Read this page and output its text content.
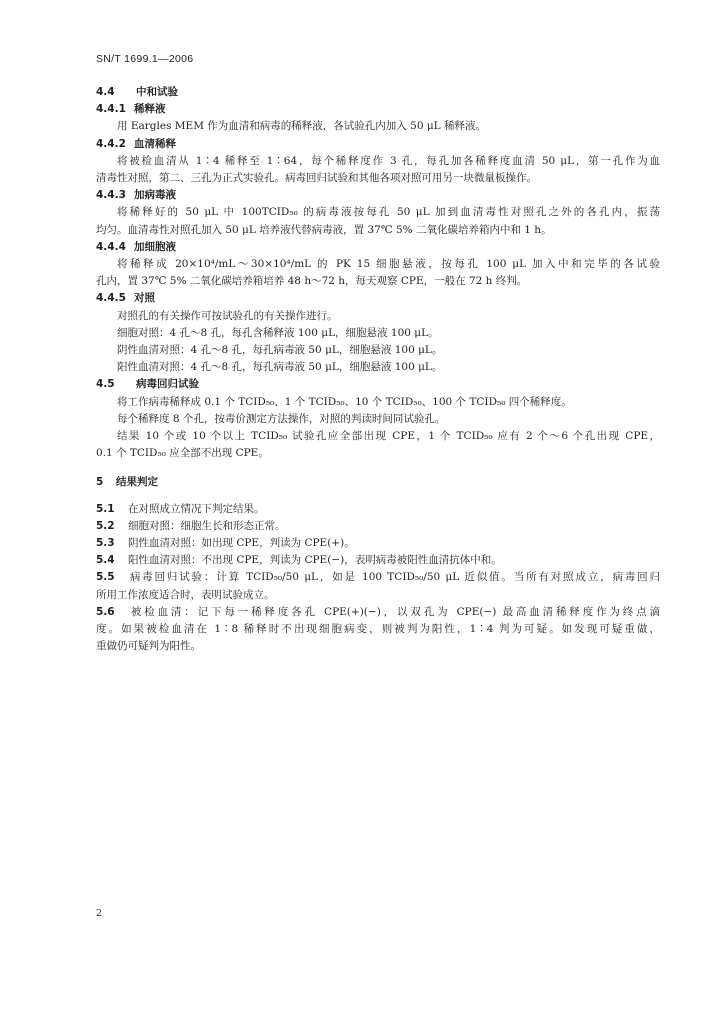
SN/T 1699.1—2006
4.4 中和试验
4.4.1 稀释液
用 Eargles MEM 作为血清和病毒的稀释液，各试验孔内加入 50 μL 稀释液。
4.4.2 血清稀释
将被检血清从 1∶4 稀释至 1∶64，每个稀释度作 3 孔，每孔加各稀释度血清 50 μL，第一孔作为血
清毒性对照，第二、三孔为正式实验孔。病毒回归试验和其他各项对照可用另一块微量板操作。
4.4.3 加病毒液
将稀释好的 50 μL 中 100TCID₅₀ 的病毒液按每孔 50 μL 加到血清毒性对照孔之外的各孔内，振荡
均匀。血清毒性对照孔加入 50 μL 培养液代替病毒液，置 37℃ 5% 二氧化碳培养箱内中和 1 h。
4.4.4 加细胞液
将稀释成 20×10⁴/mL～30×10⁴/mL 的 PK 15 细胞悬液，按每孔 100 μL 加入中和完毕的各试验
孔内，置 37℃ 5% 二氧化碳培养箱培养 48 h～72 h，每天观察 CPE，一般在 72 h 终判。
4.4.5 对照
对照孔的有关操作可按试验孔的有关操作进行。
细胞对照：4 孔～8 孔，每孔含稀释液 100 μL，细胞悬液 100 μL。
阴性血清对照：4 孔～8 孔，每孔病毒液 50 μL，细胞悬液 100 μL。
阳性血清对照：4 孔～8 孔，每孔病毒液 50 μL，细胞悬液 100 μL。
4.5 病毒回归试验
将工作病毒稀释成 0.1 个 TCID₅₀、1 个 TCID₅₀、10 个 TCID₅₀、100 个 TCID₅₀ 四个稀释度。
每个稀释度 8 个孔，按毒价测定方法操作，对照的判读时间同试验孔。
结果 10 个或 10 个以上 TCID₅₀ 试验孔应全部出现 CPE，1 个 TCID₅₀ 应有 2 个～6 个孔出现 CPE，
0.1 个 TCID₅₀ 应全部不出现 CPE。
5 结果判定
5.1 在对照成立情况下判定结果。
5.2 细胞对照：细胞生长和形态正常。
5.3 阴性血清对照：如出现 CPE，判读为 CPE(+)。
5.4 阳性血清对照：不出现 CPE，判读为 CPE(−)，表明病毒被阳性血清抗体中和。
5.5 病毒回归试验：计算 TCID₅₀/50 μL，如是 100 TCID₅₀/50 μL 近似值。当所有对照成立，病毒回归
所用工作浓度适合时，表明试验成立。
5.6 被检血清：记下每一稀释度各孔 CPE(+)(−)，以双孔为 CPE(−) 最高血清稀释度作为终点滴
度。如果被检血清在 1∶8 稀释时不出现细胞病变，则被判为阳性，1∶4 判为可疑。如发现可疑重做，
重做仍可疑判为阳性。
2
